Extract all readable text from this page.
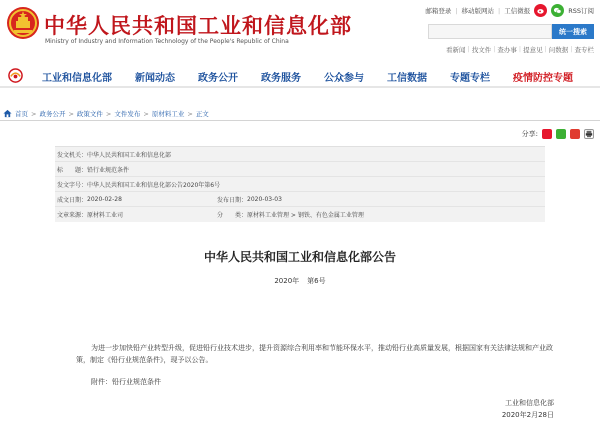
中华人民共和国工业和信息化部
Ministry of Industry and Information Technology of the People's Republic of China
邮箱登录 | 移动版网站 | 工信微报	RSS订阅
统一搜索
看新闻 | 找文件 | 查办事 | 提意见 | 问数据 | 查专栏
工业和信息化部 新闻动态 政务公开 政务服务 公众参与 工信数据 专题专栏 疫情防控专题
首页 > 政务公开 > 政策文件 > 文件发布 > 原材料工业 > 正文
分享:
发文机关： 中华人民共和国工业和信息化部
标　　题： 铅行业规范条件
发文字号： 中华人民共和国工业和信息化部公告2020年第6号
成文日期： 2020-02-28	发布日期： 2020-03-03
文章来源： 原材料工业司	分　　类： 原材料工业管理 > 钢铁、有色金属工业管理
中华人民共和国工业和信息化部公告
2020年 第6号

为进一步加快铅产业转型升级，促进铅行业技术进步，提升资源综合利用率和节能环保水平，推动铅行业高质量发展，根据国家有关法律法规和产业政策，制定《铅行业规范条件》，现予以公告。

附件：铅行业规范条件
工业和信息化部
2020年2月28日
